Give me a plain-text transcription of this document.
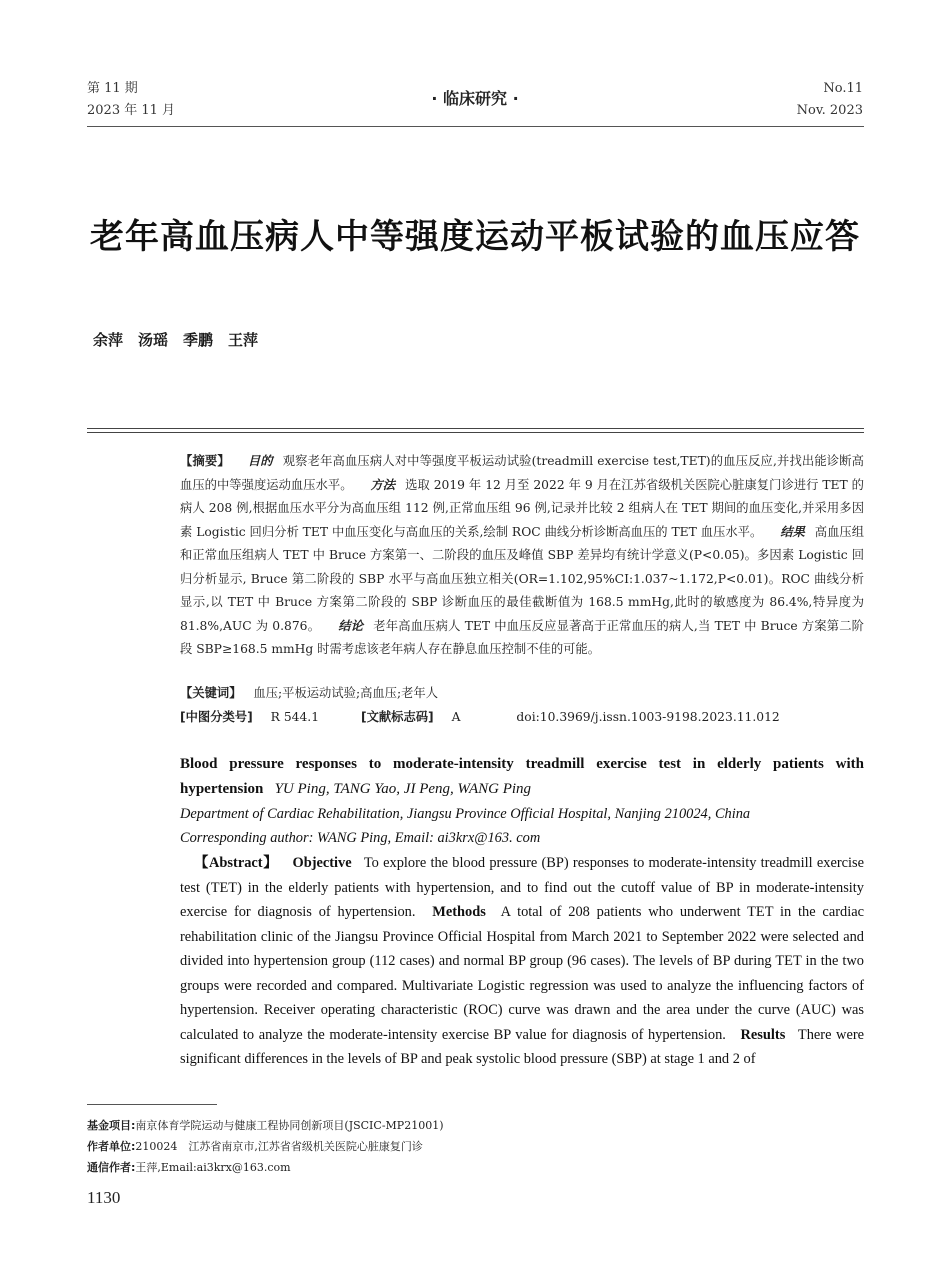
第 11 期
2023 年 11 月
· 临床研究 ·
No.11
Nov. 2023
老年高血压病人中等强度运动平板试验的血压应答
余萍　汤瑶　季鹏　王萍
【摘要】 目的 观察老年高血压病人对中等强度平板运动试验(treadmill exercise test,TET)的血压反应,并找出能诊断高血压的中等强度运动血压水平。 方法 选取 2019 年 12 月至 2022 年 9 月在江苏省级机关医院心脏康复门诊进行 TET 的病人 208 例,根据血压水平分为高血压组 112 例,正常血压组 96 例,记录并比较 2 组病人在 TET 期间的血压变化,并采用多因素 Logistic 回归分析 TET 中血压变化与高血压的关系,绘制 ROC 曲线分析诊断高血压的 TET 血压水平。 结果 高血压组和正常血压组病人 TET 中 Bruce 方案第一、二阶段的血压及峰值 SBP 差异均有统计学意义(P<0.05)。多因素 Logistic 回归分析显示, Bruce 第二阶段的 SBP 水平与高血压独立相关(OR=1.102,95%CI:1.037~1.172,P<0.01)。ROC 曲线分析显示,以 TET 中 Bruce 方案第二阶段的 SBP 诊断血压的最佳截断值为 168.5 mmHg,此时的敏感度为 86.4%,特异度为 81.8%,AUC 为 0.876。 结论 老年高血压病人 TET 中血压反应显著高于正常血压的病人,当 TET 中 Bruce 方案第二阶段 SBP≥168.5 mmHg 时需考虑该老年病人存在静息血压控制不佳的可能。
【关键词】 血压;平板运动试验;高血压;老年人
[中图分类号] R 544.1	[文献标志码] A	doi:10.3969/j.issn.1003-9198.2023.11.012
Blood pressure responses to moderate-intensity treadmill exercise test in elderly patients with hypertension YU Ping, TANG Yao, JI Peng, WANG Ping
Department of Cardiac Rehabilitation, Jiangsu Province Official Hospital, Nanjing 210024, China
Corresponding author: WANG Ping, Email: ai3krx@163. com
【Abstract】 Objective To explore the blood pressure (BP) responses to moderate-intensity treadmill exercise test (TET) in the elderly patients with hypertension, and to find out the cutoff value of BP in moderate-intensity exercise for diagnosis of hypertension. Methods A total of 208 patients who underwent TET in the cardiac rehabilitation clinic of the Jiangsu Province Official Hospital from March 2021 to September 2022 were selected and divided into hypertension group (112 cases) and normal BP group (96 cases). The levels of BP during TET in the two groups were recorded and compared. Multivariate Logistic regression was used to analyze the influencing factors of hypertension. Receiver operating characteristic (ROC) curve was drawn and the area under the curve (AUC) was calculated to analyze the moderate-intensity exercise BP value for diagnosis of hypertension. Results There were significant differences in the levels of BP and peak systolic blood pressure (SBP) at stage 1 and 2 of
基金项目:南京体育学院运动与健康工程协同创新项目(JSCIC-MP21001)
作者单位:210024　江苏省南京市,江苏省省级机关医院心脏康复门诊
通信作者:王萍,Email:ai3krx@163.com
1130
